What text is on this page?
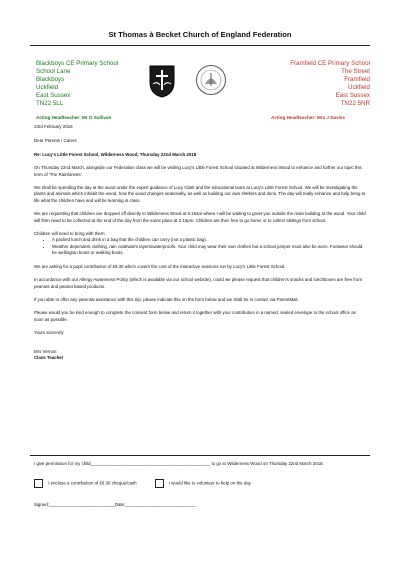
St Thomas à Becket Church of England Federation
Blackboys CE Primary School
School Lane
Blackboys
Uckfield
East Sussex
TN22 5LL
Framfield CE Primary School
The Street
Framfield
Uckfield
East Sussex
TN22 5NR
Acting Headteacher: Mr G Sullivan	Acting Headteacher: Mrs J Davies

23rd February 2018

Dear Parents / Carers

Re: Lucy's Little Forest School, Wilderness Wood, Thursday 22nd March 2018

On Thursday 22nd March, alongside our Federation class we will be visiting Lucy's Little Forest School situated at Wilderness Wood to enhance and further our topic this term of 'The Rainforests'.

We shall be spending the day at the wood under the expert guidance of Lucy Clark and the educational team at Lucy's Little Forest School. We will be investigating the plants and animals which inhabit the wood, how the wood changes seasonally, as well as building our own shelters and dens. The day will really enhance and help bring to life what the children have and will be learning in class.

We are requesting that children are dropped off directly to Wilderness Wood at 9.15am where I will be waiting to greet you outside the main building at the wood. Your child will then need to be collected at the end of the day from the same place at 2.15pm. Children are then free to go home or to collect siblings from school.

Children will need to bring with them:

• A packed lunch and drink in a bag that the children can carry (not a plastic bag).
• Weather dependent clothing, rain coat/warm layers/waterproofs. Your child may wear their own clothes but a school jumper must also be worn. Footwear should be wellington boots or walking boots.

We are asking for a pupil contribution of £6.30 which covers the cost of the interactive sessions run by Lucy's Little Forest School.

In accordance with our Allergy Awareness Policy (which is available via our school website), could we please request that children's snacks and lunchboxes are free from peanuts and peanut based products.

If you able to offer any parental assistance with this trip, please indicate this on the form below and we shall be in contact via ParentMail.

Please would you be kind enough to complete the consent form below and return it together with your contribution in a named, sealed envelope to the school office as soon as possible.

Yours sincerely

Mrs Vernon

Class Teacher

I give permission for my child_________________________________________________ to go to Wilderness Wood on Thursday 22nd March 2018.

I enclose a contribution of £6.30 cheque/cash	I would like to volunteer to help on the day

Signed:___________________________Date:_____________________________
